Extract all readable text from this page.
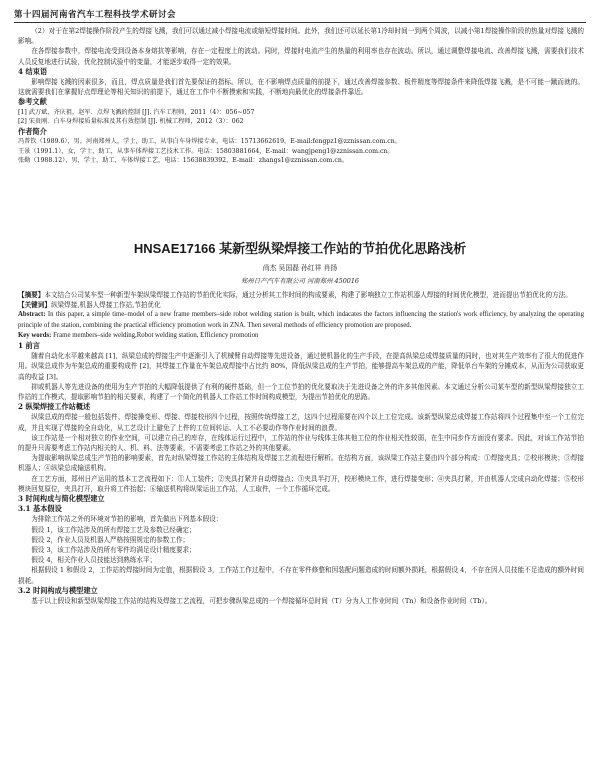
第十四届河南省汽车工程科技学术研讨会

（2）对于在第2焊接操作阶段产生的焊接飞溅，我们可以通过减小焊接电流或缩短焊接时间。此外，我们还可以延长第1冷却时间一到两个周波，以减小第1焊接操作阶段的热量对焊接飞溅的影响。

在各焊接参数中，焊接电流受到设备本身熔抗等影响，存在一定程度上的波动。同时，焊接时电流产生的热量的利用率也存在波动。所以，通过调整焊接电流、改善焊接飞溅，需要我们技术人员反复地进行试验，优化控制试验中的变量，才能逐步取得一定的效果。

4 结束语

影响焊接飞溅的因素很多，而且，焊点质量是我们首先要保证的指标。所以，在不影响焊点质量的前提下，通过改善焊接参数、板件精度等焊接条件来降低焊接飞溅，是不可能一蹴而就的。这就需要我们在掌握好点焊理论等相关知识的前提下，通过在工作中不断摸索和实践，不断地向最优化的焊接条件靠近。

参考文献

[1] 武万斌，齐庆祖，赵军．点焊飞溅的控制 [J]. 汽车工程师，2011（4）：056~057

[2] 宋贵刚．白车身焊接质量标准及其有效控制 [J]. 机械工程师，2012（3）：062

作者简介

冯普钦（1989.6），男，河南郑州人，学士，助工，从事白车身焊接专业，电话：15713662619，E-mail:fengpz1@zznissan.com.cn。

王景（1991.1），女，学士，助工，从事车体焊接工艺技术工作。电话：15803881664，E-mail：wangjpeng1@zznissan.com.cn。

张勤（1988.12），男，学士，助工，车体焊接工艺，电话：15638839392，E-mail：zhangs1@zznissan.com.cn。

HNSAE17166 某新型纵梁焊接工作站的节拍优化思路浅析
尚杰 吴国磊 孙红祥 肖扬
郑州日产汽车有限公司 河南郑州 450016

【摘要】本文结合公司某车型一种新型车架纵梁焊接工作站的节拍优化实际，通过分析其工作时间的构成要素，构建了影响独立工作站机器人焊接的时间优化模型，进而提出节拍优化的方法。

【关键词】纵梁焊接,机器人焊接工作站,节拍优化

Abstract: In this paper, a simple time–model of a new frame members–side robot welding station is built, which indacates the factors influencing the station's work efficiency, by analyzing the operating principle of the station, combining the practical efficiency promotion work in ZNA. Then several methods of efficiency promotion are proposed.

Key words: Frame members–side welding,Robot welding station, Efficiency promotion

1 前言

随着自动化水平越来越高 [1]，纵梁总成的焊接生产中逐渐引入了机械臂自动焊接等先进设备，通过使机器化的生产手段，在提高纵梁总成焊接质量的同时，也对其生产效率有了很大的促进作用。纵梁总成作为车架总成的重要构成件 [2]，其焊接工作量在车架总成焊接中占比约 80%，降低纵梁总成的生产节拍，能够提高车架总成的产能，降低单台车架的分摊成本，从而为公司获取更高的收益 [3]。

抑或机器人等先进设备的使用为生产节拍的大幅降低提供了有利的硬件基础，但一个工位节拍的优化要取决于先进设备之外的许多其他因素。本文通过分析公司某车型的新型纵梁焊接独立工作站的工作模式，提取影响节拍的相关要素，构建了一个简化的机器人工作站工作时间构成模型，为提出节拍优化的思路。

2 纵梁焊接工作站概述

纵梁总成的焊接一般包括装件、焊接操变形、焊接、焊接校形四个过程，按照传统焊接工艺，这四个过程需要在四个以上工位完成。该新型纵梁总成焊接工作站将四个过程集中至一个工位完成，并且实现了焊接的全自动化，从工艺设计上避免了上件的工位间转运、人工不必要动作等作业时间的浪费。

该工作站是一个相对独立的作业空间，可以建立自己的库存，在线体运行过程中，工作站的作业与线体主体其他工位的作业相关性较弱，在生中同步作方面没有要求。因此，对该工作站节拍的提升只需要考虑工作站内相关的人、机、料、法等要素，不需要考虑工作站之外的其他要素。

为提取影响纵梁总成生产节拍的影响要素，首先对纵梁焊接工作站的主体结构及焊接工艺流程进行解析。在结构方面，该纵梁工作站主要由四个部分构成：①焊接夹具；②校形模块；③焊接机器人；④纵梁总成输送机构。

在工艺方面，郑州日产运用的基本工艺流程如下：①人工装件；②夹具打紧并自动焊接点；③夹具半打开，校形模块工作，进行焊接变形；④夹具打紧，并由机器人完成自动化焊接；⑤校形模块回复原位，夹具打开，取升将工件抬起；⑥输送机构将纵梁运出工作站，人工取件，一个工作循环完成。

3 时间构成与简化模型建立

3.1 基本假设

为排除工作站之外的环境对节拍的影响，首先做出下列基本假设：

假设 1，该工作站涉及的所有焊接工艺及参数已经确定；

假设 2，作业人员及机器人严格按照规定的参数工作；

假设 3，该工作站涉及的所有零件均满足设计精度要求；

假设 4，相关作业人员技能达到熟练水平；

根据假设 1 和假设 2，工作站的焊接时间为定值，根据假设 3，工作站工作过程中，不存在零件修整和因装配问题造成的时间额外损耗，根据假设 4，不存在因人员技能不足造成的额外时间损耗。

3.2 时间构成与模型建立

基于以上假设和新型纵梁焊接工作站的结构及焊接工艺流程，可把步骤纵梁总成的一个焊接循环总时间（T）分为人工作业时间（Tn）和设备作业时间（Tb）。
